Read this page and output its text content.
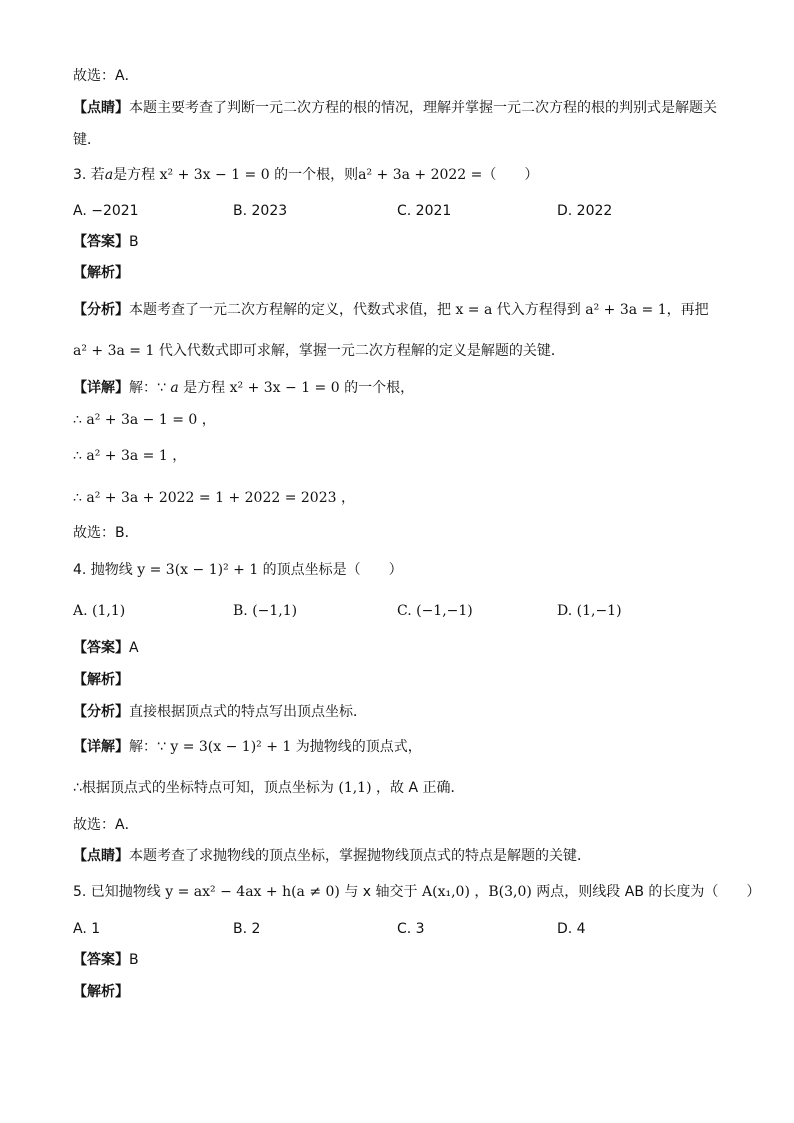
故选：A．
【点睛】本题主要考查了判断一元二次方程的根的情况，理解并掌握一元二次方程的根的判别式是解题关
键．
3. 若a是方程 x² + 3x − 1 = 0 的一个根，则a² + 3a + 2022 =（　　）
A. −2021	B. 2023	C. 2021	D. 2022
【答案】B
【解析】
【分析】本题考查了一元二次方程解的定义，代数式求值，把 x = a 代入方程得到 a² + 3a = 1，再把
a² + 3a = 1 代入代数式即可求解，掌握一元二次方程解的定义是解题的关键．
【详解】解：∵ a 是方程 x² + 3x − 1 = 0 的一个根，
∴ a² + 3a − 1 = 0 ，
∴ a² + 3a = 1 ，
∴ a² + 3a + 2022 = 1 + 2022 = 2023 ，
故选：B．
4. 抛物线 y = 3(x − 1)² + 1 的顶点坐标是（　　）
A. (1,1)	B. (−1,1)	C. (−1,−1)	D. (1,−1)
【答案】A
【解析】
【分析】直接根据顶点式的特点写出顶点坐标．
【详解】解：∵ y = 3(x − 1)² + 1 为抛物线的顶点式，
∴根据顶点式的坐标特点可知，顶点坐标为 (1,1) ，故 A 正确．
故选：A．
【点睛】本题考查了求抛物线的顶点坐标，掌握抛物线顶点式的特点是解题的关键．
5. 已知抛物线 y = ax² − 4ax + h(a ≠ 0) 与 x 轴交于 A(x₁,0) ，B(3,0) 两点，则线段 AB 的长度为（　　）
A. 1	B. 2	C. 3	D. 4
【答案】B
【解析】
